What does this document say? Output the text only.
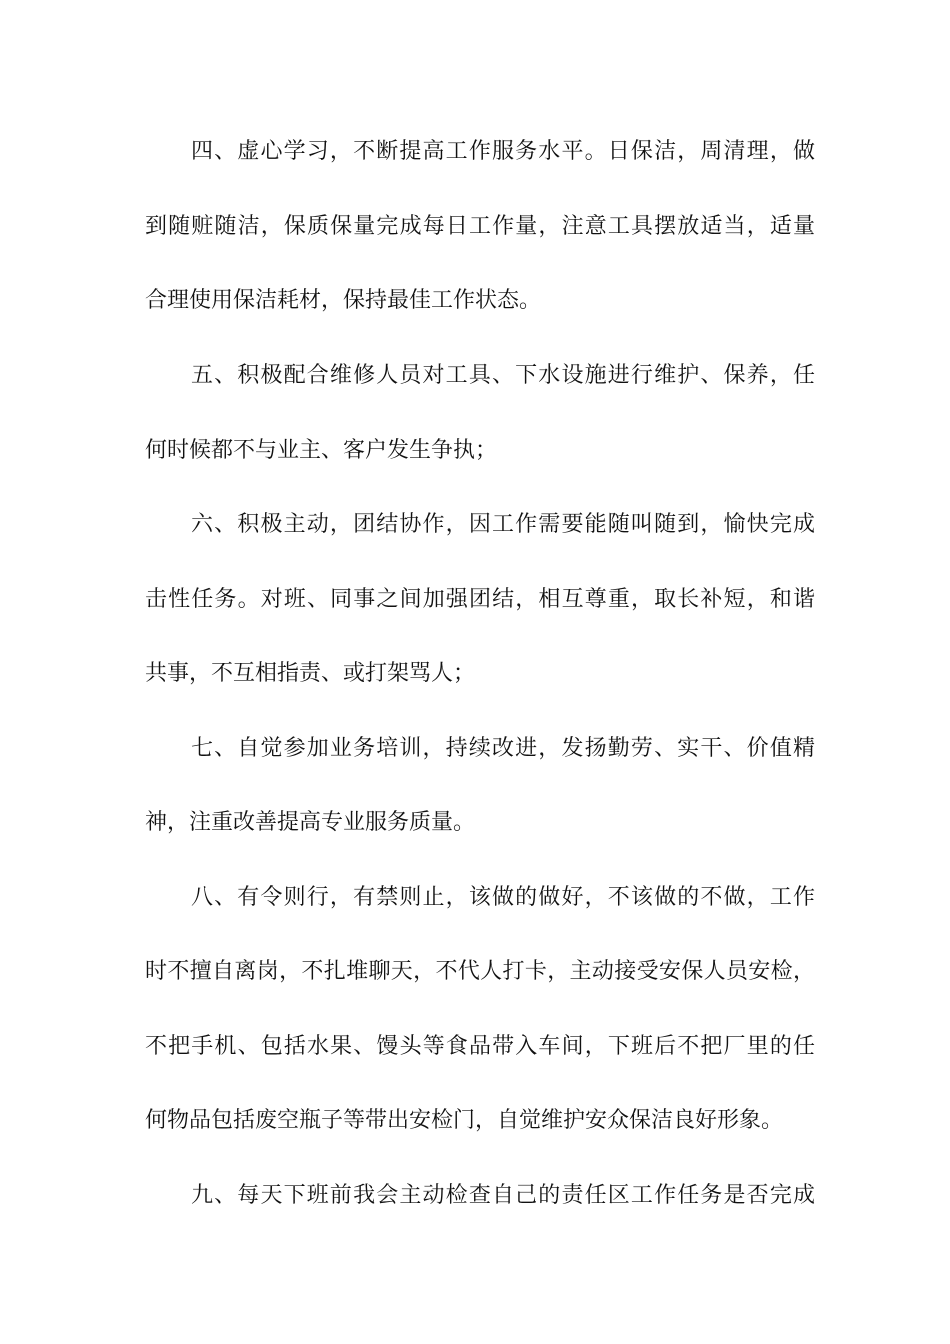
四、虚心学习，不断提高工作服务水平。日保洁，周清理，做

到随赃随洁，保质保量完成每日工作量，注意工具摆放适当，适量

合理使用保洁耗材，保持最佳工作状态。

五、积极配合维修人员对工具、下水设施进行维护、保养，任

何时候都不与业主、客户发生争执；

六、积极主动，团结协作，因工作需要能随叫随到，愉快完成

击性任务。对班、同事之间加强团结，相互尊重，取长补短，和谐

共事，不互相指责、或打架骂人；

七、自觉参加业务培训，持续改进，发扬勤劳、实干、价值精

神，注重改善提高专业服务质量。

八、有令则行，有禁则止，该做的做好，不该做的不做，工作

时不擅自离岗，不扎堆聊天，不代人打卡，主动接受安保人员安检，

不把手机、包括水果、馒头等食品带入车间，下班后不把厂里的任

何物品包括废空瓶子等带出安检门，自觉维护安众保洁良好形象。

九、每天下班前我会主动检查自己的责任区工作任务是否完成
